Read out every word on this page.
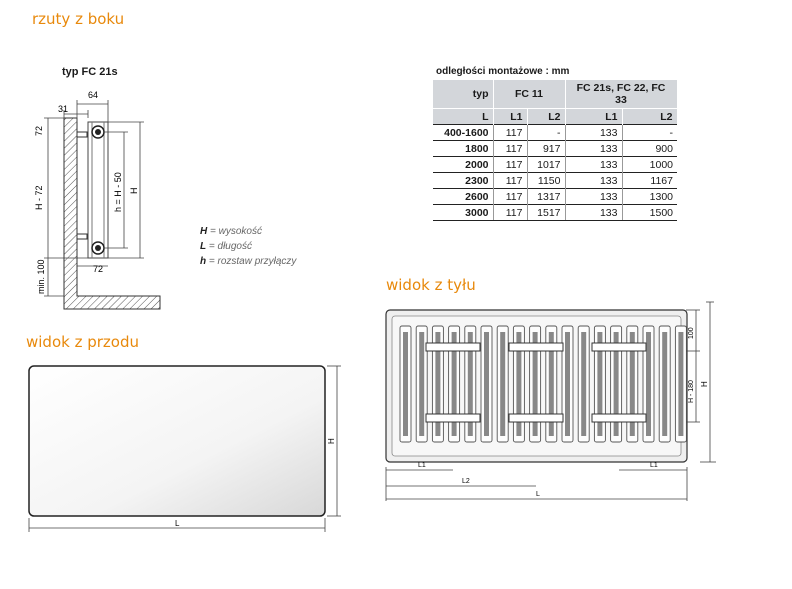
rzuty z boku
widok z przodu
widok z tyłu
typ FC 21s
64
31
72
H - 72
min. 100
h = H - 50 H
72
H = wysokość
L = długość
h = rozstaw przyłączy
odległości montażowe : mm
typ	FC 11		FC 21s, FC 22, FC 33	
L	L1	L2	L1	L2
400-1600	117	-	133	-
1800	117	917	133	900
2000	117	1017	133	1000
2300	117	1150	133	1167
2600	117	1317	133	1300
3000	117	1517	133	1500
H
L
100
H - 180 H
L1	L1
L2
L
